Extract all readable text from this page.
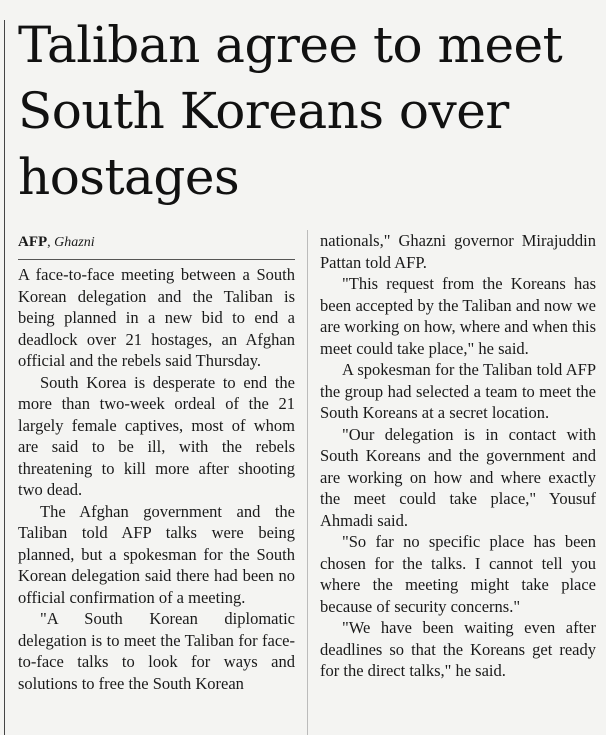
Taliban agree to meet South Koreans over hostages
AFP, Ghazni

A face-to-face meeting between a South Korean delegation and the Taliban is being planned in a new bid to end a deadlock over 21 hostages, an Afghan official and the rebels said Thursday.

South Korea is desperate to end the more than two-week ordeal of the 21 largely female captives, most of whom are said to be ill, with the rebels threatening to kill more after shooting two dead.

The Afghan government and the Taliban told AFP talks were being planned, but a spokesman for the South Korean delegation said there had been no official confirmation of a meeting.

"A South Korean diplomatic delegation is to meet the Taliban for face-to-face talks to look for ways and solutions to free the South Korean

nationals," Ghazni governor Mirajuddin Pattan told AFP.

"This request from the Koreans has been accepted by the Taliban and now we are working on how, where and when this meet could take place," he said.

A spokesman for the Taliban told AFP the group had selected a team to meet the South Koreans at a secret location.

"Our delegation is in contact with South Koreans and the government and are working on how and where exactly the meet could take place," Yousuf Ahmadi said.

"So far no specific place has been chosen for the talks. I cannot tell you where the meeting might take place because of security concerns."

"We have been waiting even after deadlines so that the Koreans get ready for the direct talks," he said.
